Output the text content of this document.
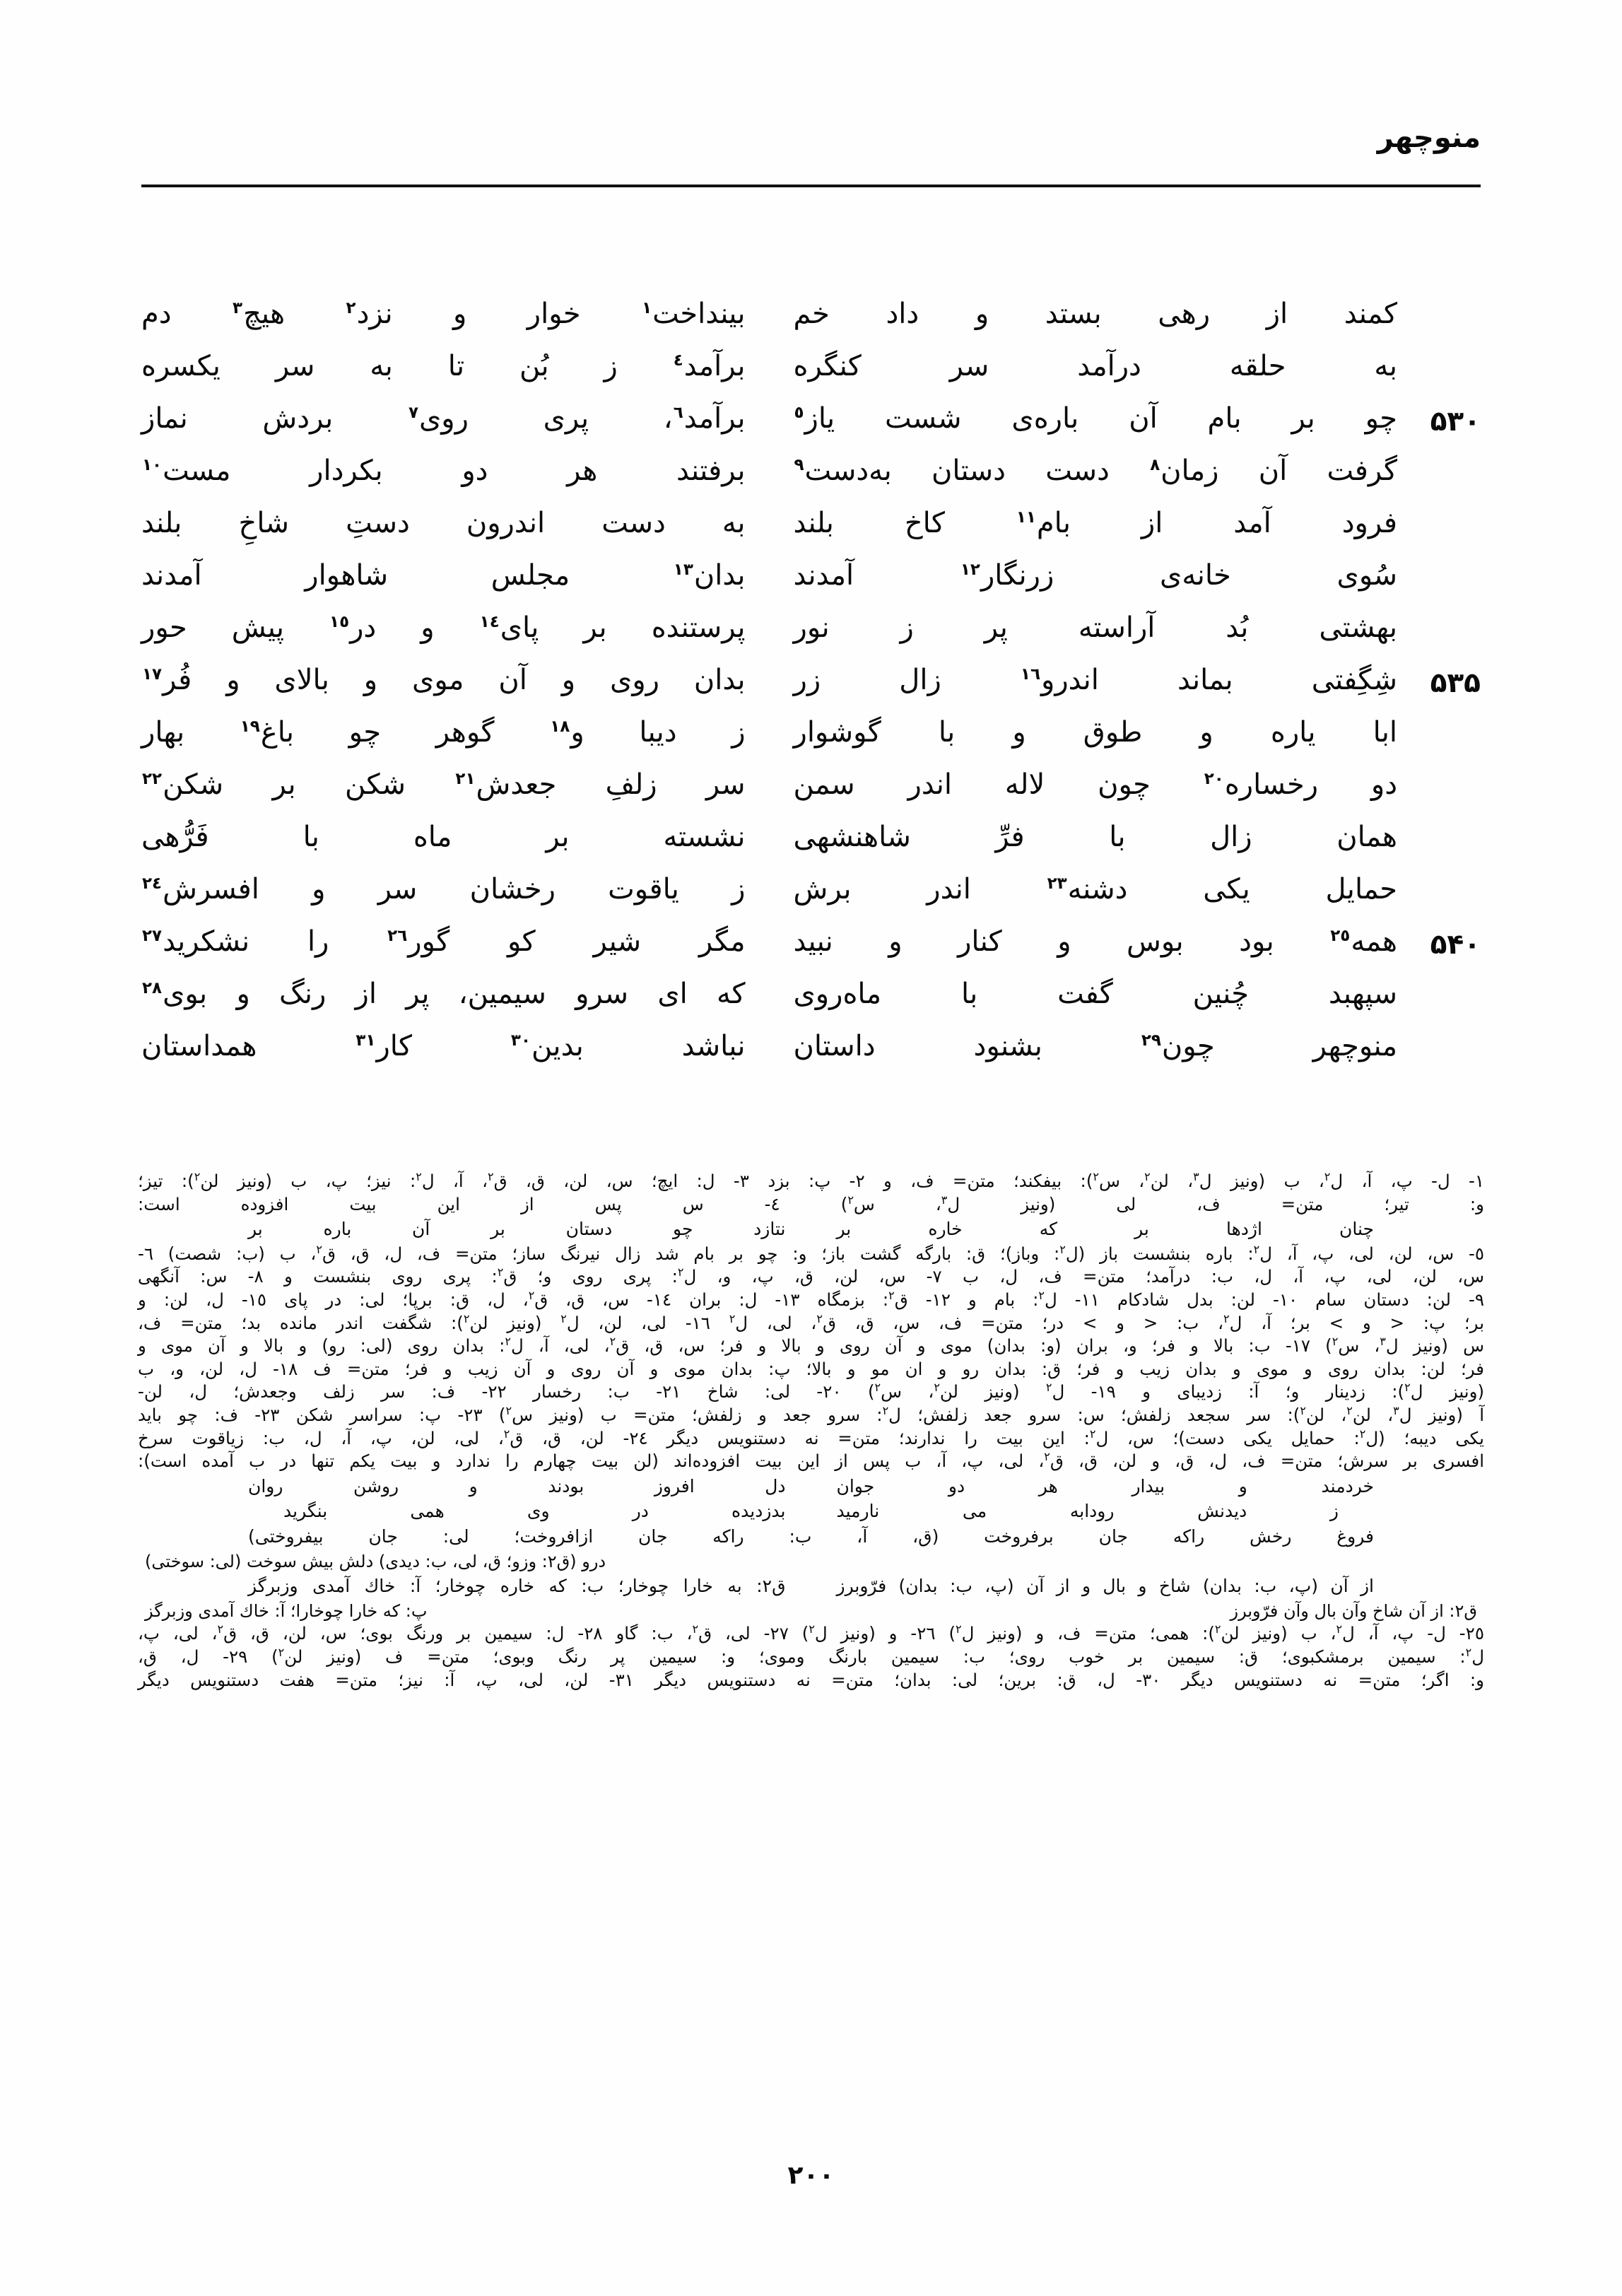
منوچهر
کمند از رهی بستد و داد خم
بینداخت$^١$ خوار و نزد$^٢$ هیچ$^٣$ دم
به حلقه درآمد سر کنگره
برآمد$^٤$ ز بُن تا به سر یکسره
۵۳۰
چو بر بام آن باره‌ی شست یاز$^٥$
برآمد$^٦$، پری روی$^٧$ بردش نماز
گرفت آن زمان$^٨$ دست دستان به‌دست$^٩$
برفتند هر دو بکردار مست$^{١٠}$
فرود آمد از بام$^{١١}$ کاخ بلند
به دست اندرون دستِ شاخِ بلند
سُوی خانه‌ی زرنگار$^{١٢}$ آمدند
بدان$^{١٣}$ مجلس شاهوار آمدند
بهشتی بُد آراسته پر ز نور
پرستنده بر پای$^{١٤}$ و در$^{١٥}$ پیش حور
۵۳۵
شِگِفتی بماند اندرو$^{١٦}$ زال زر
بدان روی و آن موی و بالای و فُر$^{١٧}$
ابا یاره و طوق و با گوشوار
ز دیبا و$^{١٨}$ گوهر چو باغ$^{١٩}$ بهار
دو رخساره$^{٢٠}$ چون لاله اندر سمن
سر زلفِ جعدش$^{٢١}$ شکن بر شکن$^{٢٢}$
همان زال با فرِّ شاهنشهی
نشسته بر ماه با فَرُّهی
حمایل یکی دشنه$^{٢٣}$ اندر برش
ز یاقوت رخشان سر و افسرش$^{٢٤}$
۵۴۰
همه$^{٢٥}$ بود بوس و کنار و نبید
مگر شیر کو گور$^{٢٦}$ را نشکرید$^{٢٧}$
سپهبد چُنین گفت با ماه‌روی
که ای سرو سیمین، پر از رنگ و بوی$^{٢٨}$
منوچهر چون$^{٢٩}$ بشنود داستان
نباشد بدین$^{٣٠}$ کار$^{٣١}$ همداستان
١- ل- پ، آ، ل$^٢$، ب (ونیز ل$^٣$، لن$^٢$، س$^٢$): بیفکند؛ متن= ف، و ٢- پ: بزد ٣- ل: ایچ؛ س، لن، ق، ق$^٢$، آ، ل$^٢$: نیز؛ پ، ب (ونیز لن$^٢$): تیز؛
و: تیر؛ متن= ف، لی (ونیز ل$^٣$، س$^٢$) ٤- س پس از این بیت افزوده است:
چنان اژدها بر که خاره بر
نتازد چو دستان بر آن باره بر
٥- س، لن، لی، پ، آ، ل$^٢$: باره بنشست باز (ل$^٢$: وباز)؛ ق: بارگه گشت باز؛ و: چو بر بام شد زال نیرنگ ساز؛ متن= ف، ل، ق، ق$^٢$، ب (ب: شصت) ٦-
س، لن، لی، پ، آ، ل، ب: درآمد؛ متن= ف، ل، ب ٧- س، لن، ق، پ، و، ل$^٢$: پری روی و؛ ق$^٢$: پری روی بنشست و ٨- س: آنگهی
٩- لن: دستان سام ١٠- لن: بدل شادکام ١١- ل$^٢$: بام و ١٢- ق$^٢$: بزمگاه ١٣- ل: بران ١٤- س، ق، ق$^٢$، ل، ق: برپا؛ لی: در پای ١٥- ل، لن: و
بر؛ پ: < و > بر؛ آ، ل$^٢$، ب: < و > در؛ متن= ف، س، ق، ق$^٢$، لی، ل$^٢$ ١٦- لی، لن، ل$^٢$ (ونیز لن$^٢$): شگفت اندر مانده بد؛ متن= ف،
س (ونیز ل$^٣$، س$^٢$) ١٧- ب: بالا و فر؛ و، بران (و: بدان) موی و آن روی و بالا و فر؛ س، ق، ق$^٢$، لی، آ، ل$^٢$: بدان روی (لی: رو) و بالا و آن موی و
فر؛ لن: بدان روی و موی و بدان زیب و فر؛ ق: بدان رو و ان مو و بالا؛ پ: بدان موی و آن روی و آن زیب و فر؛ متن= ف ١٨- ل، لن، و، ب
(ونیز ل$^٢$): زدینار و؛ آ: زدیبای و ١٩- ل$^٢$ (ونیز لن$^٢$، س$^٢$) ٢٠- لی: شاخ ٢١- ب: رخسار ٢٢- ف: سر زلف وجعدش؛ ل، لن-
آ (ونیز ل$^٣$، لن$^٢$، لن$^٢$): سر سجعد زلفش؛ س: سرو جعد زلفش؛ ل$^٢$: سرو جعد و زلفش؛ متن= ب (ونیز س$^٢$) ٢٣- پ: سراسر شکن ٢٣- ف: چو باید
یکی دیبه؛ (ل$^٢$: حمایل یکی دست)؛ س، ل$^٢$: این بیت را ندارند؛ متن= نه دستنویس دیگر ٢٤- لن، ق، ق$^٢$، لی، لن، پ، آ، ل، ب: زیاقوت سرخ
افسری بر سرش؛ متن= ف، ل، ق، و لن، ق، ق$^٢$، لی، پ، آ، ب پس از این بیت افزوده‌اند (لن بیت چهارم را ندارد و بیت یکم تنها در ب آمده است):
خردمند و بیدار هر دو جوان
دل افروز بودند و روشن روان
ز دیدنش رودابه می نارمید
بدزدیده در وی همی بنگرید
فروغ رخش راکه جان برفروخت (ق، آ، ب: راکه جان ازافروخت؛ لی: جان بیفروختی)
درو (ق٢: وزو؛ ق، لی، ب: دیدی) دلش بیش سوخت (لی: سوختی)
از آن (پ، ب: بدان) شاخ و بال و از آن (پ، ب: بدان) فرّوبرز
ق٢: به خارا چوخار؛ ب: که خاره چوخار؛ آ: خاك آمدی وزبرگز
ق٢: از آن شاخ وآن بال وآن فرّوبرز
پ: که خارا چوخارا؛ آ: خاك آمدی وزبرگز
٢٥- ل- پ، آ، ل$^٢$، ب (ونیز لن$^٢$): همی؛ متن= ف، و (ونیز ل$^٢$) ٢٦- و (ونیز ل$^٢$) ٢٧- لی، ق$^٢$، ب: گاو ٢٨- ل: سیمین بر ورنگ بوی؛ س، لن، ق، ق$^٢$، لی، پ،
ل$^٢$: سیمین برمشکبوی؛ ق: سیمین بر خوب روی؛ ب: سیمین بارنگ وموی؛ و: سیمین پر رنگ وبوی؛ متن= ف (ونیز لن$^٢$) ٢٩- ل، ق،
و: اگر؛ متن= نه دستنویس دیگر ٣٠- ل، ق: برین؛ لی: بدان؛ متن= نه دستنویس دیگر ٣١- لن، لی، پ، آ: نیز؛ متن= هفت دستنویس دیگر
۲۰۰
